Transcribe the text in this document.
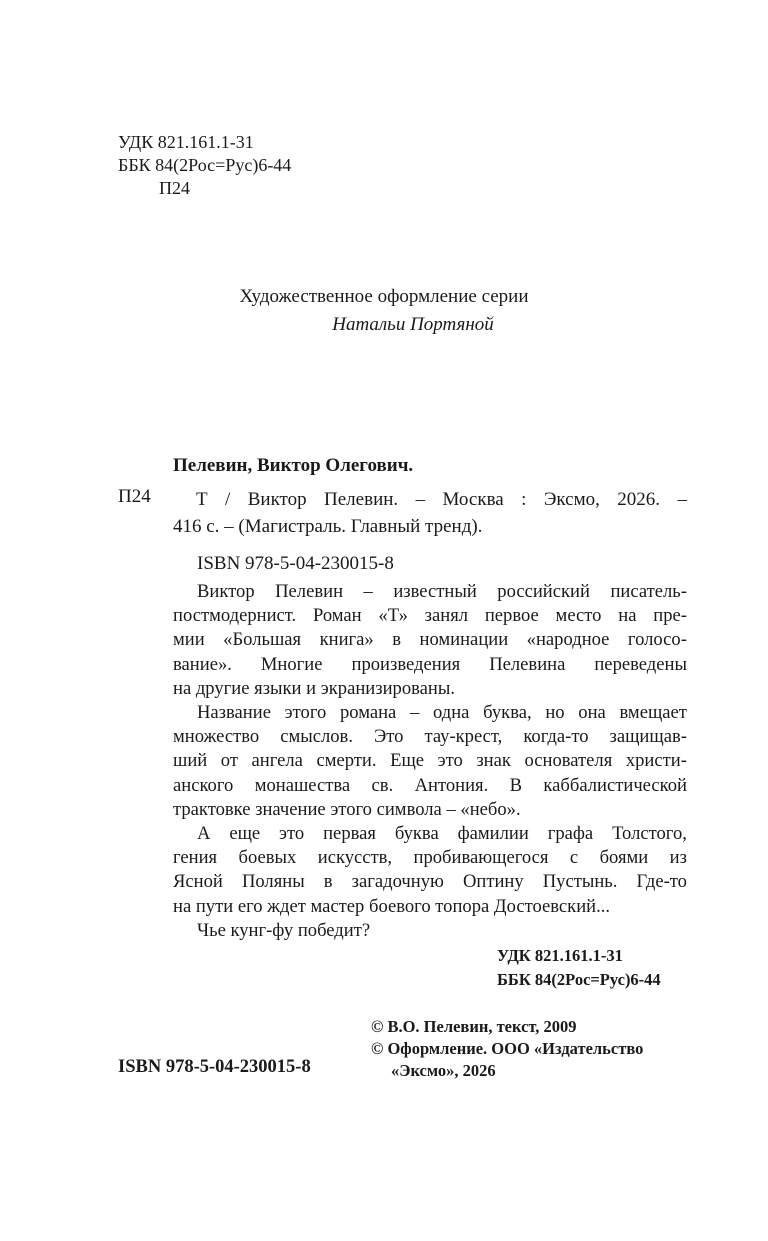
УДК 821.161.1-31
ББК 84(2Рос=Рус)6-44
П24
Художественное оформление серии
Натальи Портяной
Пелевин, Виктор Олегович.
П24 Т / Виктор Пелевин. – Москва : Эксмо, 2026. –
416 с. – (Магистраль. Главный тренд).
ISBN 978-5-04-230015-8
Виктор Пелевин – известный российский писатель-
постмодернист. Роман «Т» занял первое место на пре-
мии «Большая книга» в номинации «народное голосо-
вание». Многие произведения Пелевина переведены
на другие языки и экранизированы.
Название этого романа – одна буква, но она вмещает
множество смыслов. Это тау-крест, когда-то защищав-
ший от ангела смерти. Еще это знак основателя христи-
анского монашества св. Антония. В каббалистической
трактовке значение этого символа – «небо».
А еще это первая буква фамилии графа Толстого,
гения боевых искусств, пробивающегося с боями из
Ясной Поляны в загадочную Оптину Пустынь. Где-то
на пути его ждет мастер боевого топора Достоевский...
Чье кунг-фу победит?
УДК 821.161.1-31
ББК 84(2Рос=Рус)6-44
© В.О. Пелевин, текст, 2009
© Оформление. ООО «Издательство
«Эксмо», 2026
ISBN 978-5-04-230015-8
